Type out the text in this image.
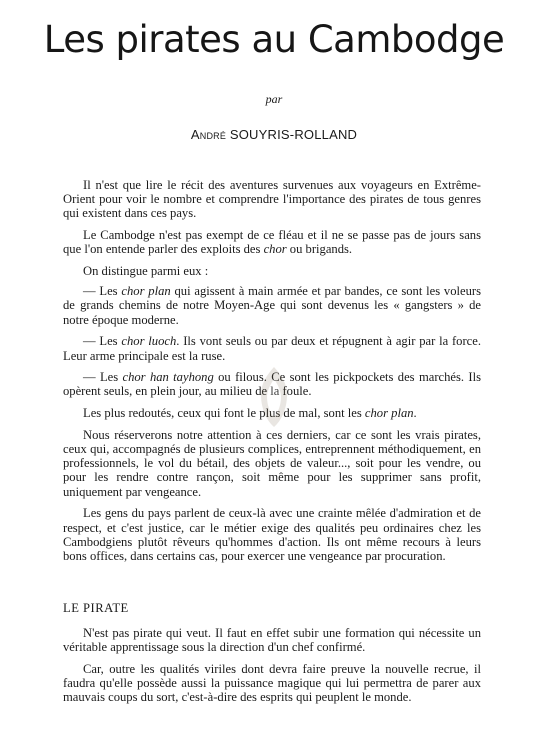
Les pirates au Cambodge
par
André SOUYRIS-ROLLAND

Il n'est que lire le récit des aventures survenues aux voyageurs en Extrême-Orient pour voir le nombre et comprendre l'importance des pirates de tous genres qui existent dans ces pays.

Le Cambodge n'est pas exempt de ce fléau et il ne se passe pas de jours sans que l'on entende parler des exploits des chor ou brigands.

On distingue parmi eux :

— Les chor plan qui agissent à main armée et par bandes, ce sont les voleurs de grands chemins de notre Moyen-Age qui sont devenus les « gangsters » de notre époque moderne.

— Les chor luoch. Ils vont seuls ou par deux et répugnent à agir par la force. Leur arme principale est la ruse.

— Les chor han tayhong ou filous. Ce sont les pickpockets des marchés. Ils opèrent seuls, en plein jour, au milieu de la foule.

Les plus redoutés, ceux qui font le plus de mal, sont les chor plan.

Nous réserverons notre attention à ces derniers, car ce sont les vrais pirates, ceux qui, accompagnés de plusieurs complices, entreprennent méthodiquement, en professionnels, le vol du bétail, des objets de valeur..., soit pour les vendre, ou pour les rendre contre rançon, soit même pour les supprimer sans profit, uniquement par vengeance.

Les gens du pays parlent de ceux-là avec une crainte mêlée d'admiration et de respect, et c'est justice, car le métier exige des qualités peu ordinaires chez les Cambodgiens plutôt rêveurs qu'hommes d'action. Ils ont même recours à leurs bons offices, dans certains cas, pour exercer une vengeance par procuration.

LE PIRATE

N'est pas pirate qui veut. Il faut en effet subir une formation qui nécessite un véritable apprentissage sous la direction d'un chef confirmé.

Car, outre les qualités viriles dont devra faire preuve la nouvelle recrue, il faudra qu'elle possède aussi la puissance magique qui lui permettra de parer aux mauvais coups du sort, c'est-à-dire des esprits qui peuplent le monde.
